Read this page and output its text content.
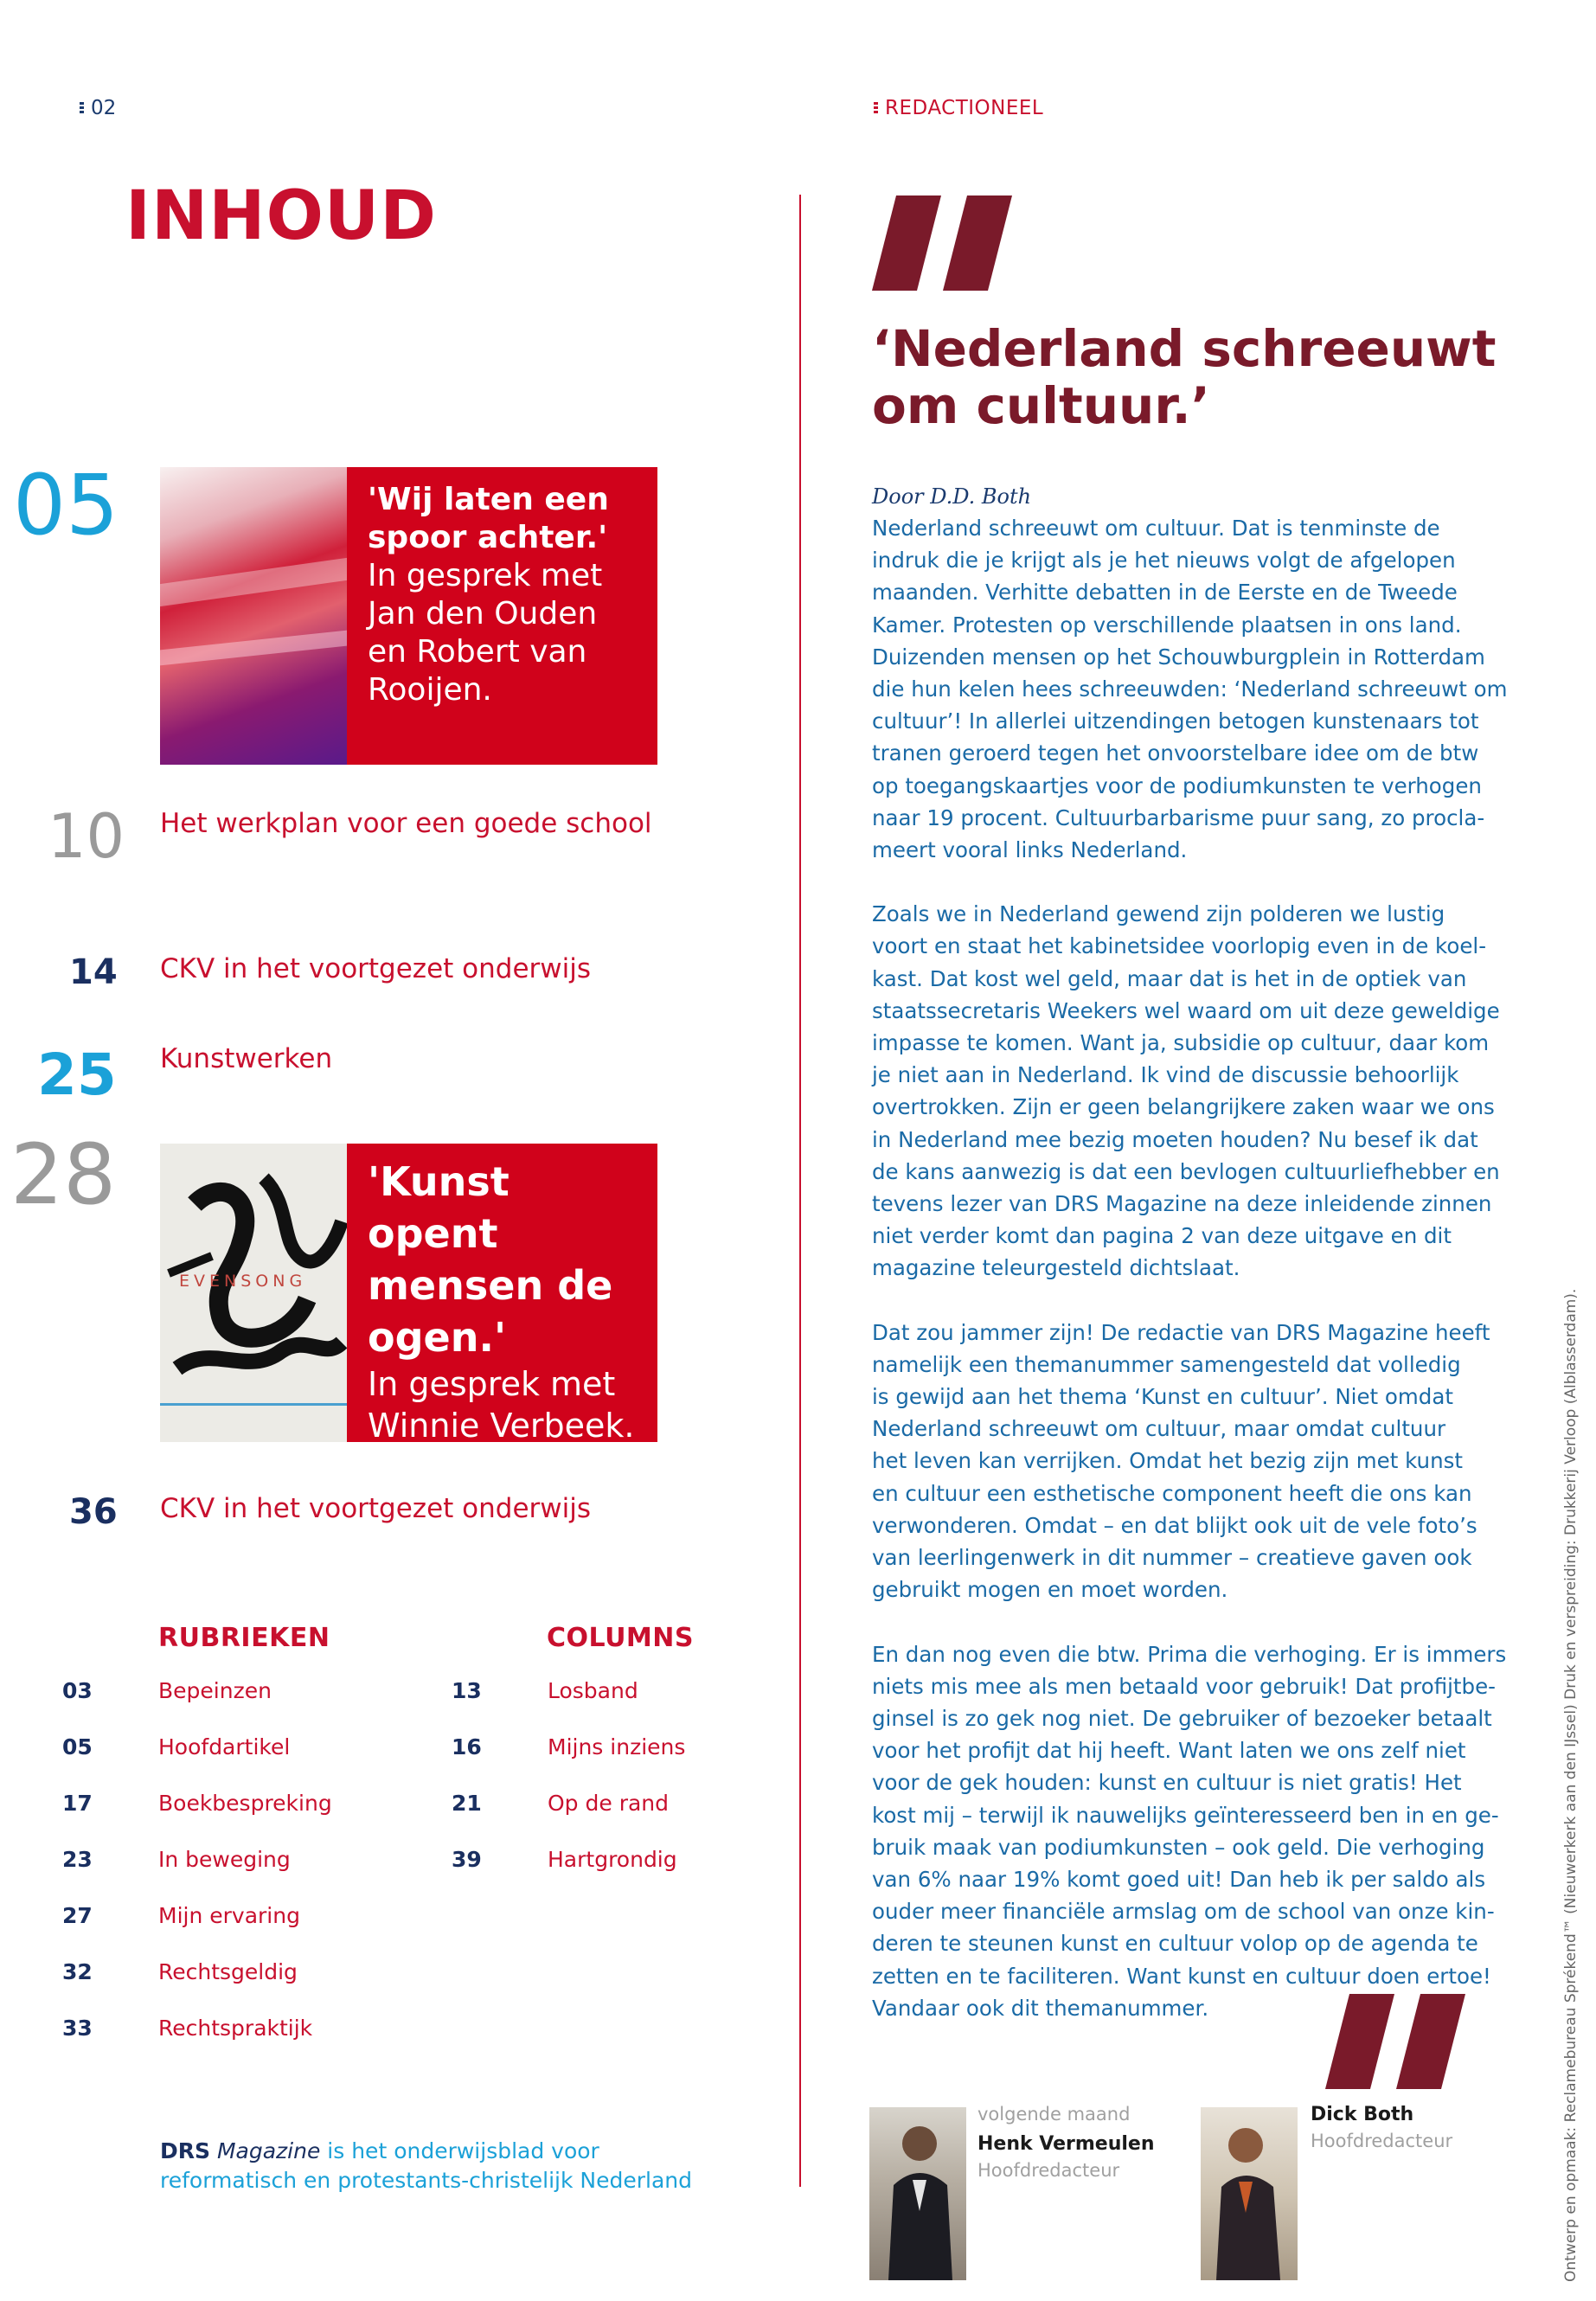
02
INHOUD
05	'Wij laten een spoor achter.'
In gesprek met Jan den Ouden en Robert van Rooijen.
10 Het werkplan voor een goede school
14 CKV in het voortgezet onderwijs
25 Kunstwerken
28
EVENSONG
'Kunst opent mensen de ogen.'
In gesprek met Winnie Verbeek.
36 CKV in het voortgezet onderwijs
RUBRIEKEN	COLUMNS
03	Bepeinzen
05	Hoofdartikel
17	Boekbespreking
23	In beweging
27	Mijn ervaring
32	Rechtsgeldig
33	Rechtspraktijk
13	Losband
16	Mijns inziens
21	Op de rand
39	Hartgrondig
DRS Magazine is het onderwijsblad voor
reformatisch en protestants-christelijk Nederland
REDACTIONEEL
‘Nederland schreeuwt
om cultuur.’
Door D.D. Both

Nederland schreeuwt om cultuur. Dat is tenminste de
indruk die je krijgt als je het nieuws volgt de afgelopen
maanden. Verhitte debatten in de Eerste en de Tweede
Kamer. Protesten op verschillende plaatsen in ons land.
Duizenden mensen op het Schouwburgplein in Rotterdam
die hun kelen hees schreeuwden: ‘Nederland schreeuwt om
cultuur’! In allerlei uitzendingen betogen kunstenaars tot
tranen geroerd tegen het onvoorstelbare idee om de btw
op toegangskaartjes voor de podiumkunsten te verhogen
naar 19 procent. Cultuurbarbarisme puur sang, zo procla-
meert vooral links Nederland.

Zoals we in Nederland gewend zijn polderen we lustig
voort en staat het kabinetsidee voorlopig even in de koel-
kast. Dat kost wel geld, maar dat is het in de optiek van
staatssecretaris Weekers wel waard om uit deze geweldige
impasse te komen. Want ja, subsidie op cultuur, daar kom
je niet aan in Nederland. Ik vind de discussie behoorlijk
overtrokken. Zijn er geen belangrijkere zaken waar we ons
in Nederland mee bezig moeten houden? Nu besef ik dat
de kans aanwezig is dat een bevlogen cultuurliefhebber en
tevens lezer van DRS Magazine na deze inleidende zinnen
niet verder komt dan pagina 2 van deze uitgave en dit
magazine teleurgesteld dichtslaat.

Dat zou jammer zijn! De redactie van DRS Magazine heeft
namelijk een themanummer samengesteld dat volledig
is gewijd aan het thema ‘Kunst en cultuur’. Niet omdat
Nederland schreeuwt om cultuur, maar omdat cultuur
het leven kan verrijken. Omdat het bezig zijn met kunst
en cultuur een esthetische component heeft die ons kan
verwonderen. Omdat – en dat blijkt ook uit de vele foto’s
van leerlingenwerk in dit nummer – creatieve gaven ook
gebruikt mogen en moet worden.

En dan nog even die btw. Prima die verhoging. Er is immers
niets mis mee als men betaald voor gebruik! Dat profijtbe-
ginsel is zo gek nog niet. De gebruiker of bezoeker betaalt
voor het profijt dat hij heeft. Want laten we ons zelf niet
voor de gek houden: kunst en cultuur is niet gratis! Het
kost mij – terwijl ik nauwelijks geïnteresseerd ben in en ge-
bruik maak van podiumkunsten – ook geld. Die verhoging
van 6% naar 19% komt goed uit! Dan heb ik per saldo als
ouder meer financiële armslag om de school van onze kin-
deren te steunen kunst en cultuur volop op de agenda te
zetten en te faciliteren. Want kunst en cultuur doen ertoe!
Vandaar ook dit themanummer.

volgende maand
Henk Vermeulen
Hoofdredacteur
Dick Both
Hoofdredacteur	Ontwerp en opmaak: Reclamebureau Sprékend™ (Nieuwerkerk aan den IJssel) Druk en verspreiding: Drukkerij Verloop (Alblasserdam).
